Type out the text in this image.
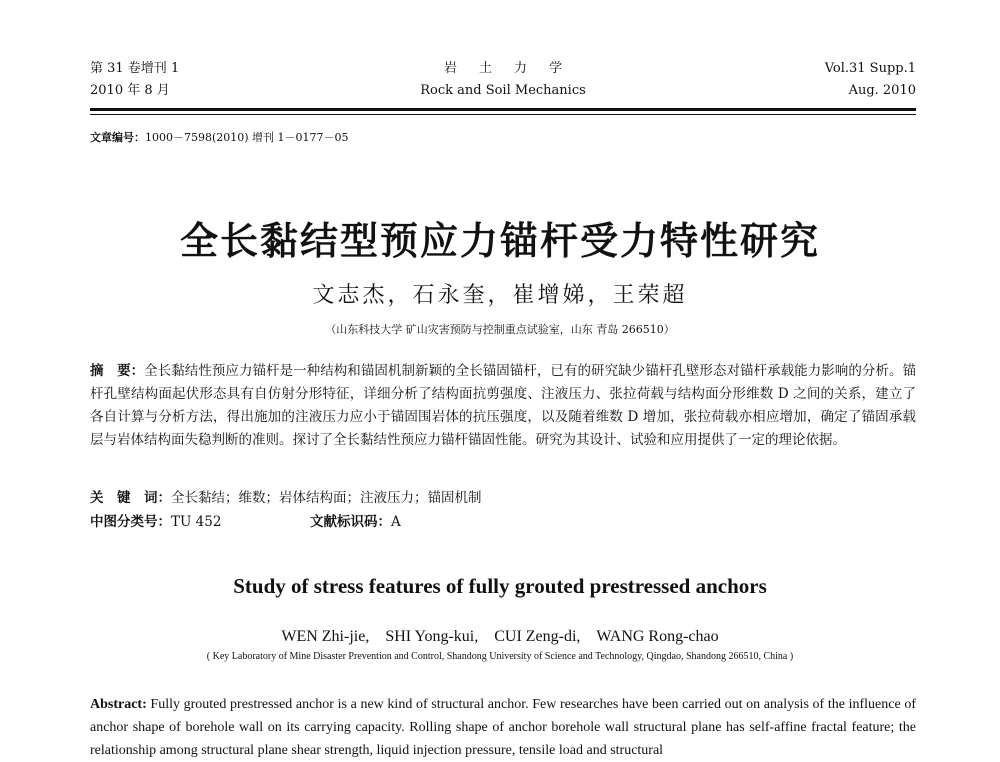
第 31 卷增刊 1
2010 年 8 月
岩土力学
Rock and Soil Mechanics
Vol.31 Supp.1
Aug. 2010
文章编号：1000－7598(2010) 增刊 1－0177－05
全长黏结型预应力锚杆受力特性研究
文志杰，石永奎，崔增娣，王荣超
（山东科技大学 矿山灾害预防与控制重点试验室，山东 青岛 266510）
摘　要：全长黏结性预应力锚杆是一种结构和锚固机制新颖的全长锚固锚杆，已有的研究缺少锚杆孔壁形态对锚杆承载能力影响的分析。锚杆孔壁结构面起伏形态具有自仿射分形特征，详细分析了结构面抗剪强度、注液压力、张拉荷载与结构面分形维数 D 之间的关系，建立了各自计算与分析方法，得出施加的注液压力应小于锚固围岩体的抗压强度，以及随着维数 D 增加，张拉荷载亦相应增加，确定了锚固承载层与岩体结构面失稳判断的准则。探讨了全长黏结性预应力锚杆锚固性能。研究为其设计、试验和应用提供了一定的理论依据。
关　键　词：全长黏结；维数；岩体结构面；注液压力；锚固机制
中图分类号：TU 452	文献标识码：A
Study of stress features of fully grouted prestressed anchors
WEN Zhi-jie,　SHI Yong-kui,　CUI Zeng-di,　WANG Rong-chao
( Key Laboratory of Mine Disaster Prevention and Control, Shandong University of Science and Technology, Qingdao, Shandong 266510, China )
Abstract: Fully grouted prestressed anchor is a new kind of structural anchor. Few researches have been carried out on analysis of the influence of anchor shape of borehole wall on its carrying capacity. Rolling shape of anchor borehole wall structural plane has self-affine fractal feature; the relationship among structural plane shear strength, liquid injection pressure, tensile load and structural
